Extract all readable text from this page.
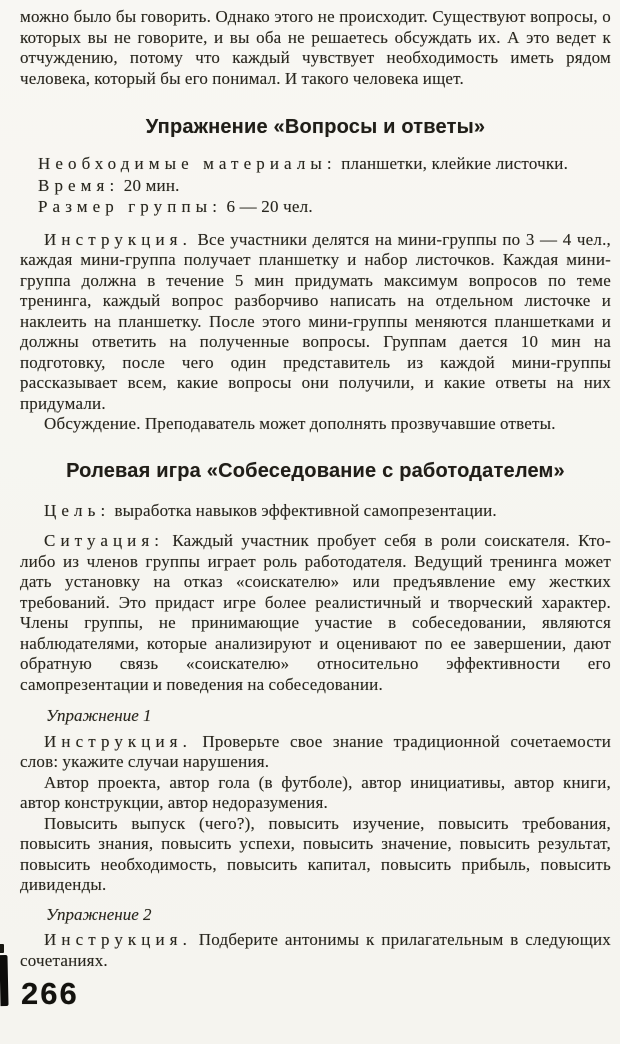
можно было бы говорить. Однако этого не происходит. Существуют вопросы, о которых вы не говорите, и вы оба не решаетесь обсуждать их. А это ведет к отчуждению, потому что каждый чувствует необходимость иметь рядом человека, который бы его понимал. И такого человека ищет.

Упражнение «Вопросы и ответы»

Необходимые материалы: планшетки, клейкие листочки.

Время: 20 мин.

Размер группы: 6 — 20 чел.

Инструкция. Все участники делятся на мини-группы по 3 — 4 чел., каждая мини-группа получает планшетку и набор листочков. Каждая мини-группа должна в течение 5 мин придумать максимум вопросов по теме тренинга, каждый вопрос разборчиво написать на отдельном листочке и наклеить на планшетку. После этого мини-группы меняются планшетками и должны ответить на полученные вопросы. Группам дается 10 мин на подготовку, после чего один представитель из каждой мини-группы рассказывает всем, какие вопросы они получили, и какие ответы на них придумали.

Обсуждение. Преподаватель может дополнять прозвучавшие ответы.

Ролевая игра «Собеседование с работодателем»

Цель: выработка навыков эффективной самопрезентации.

Ситуация: Каждый участник пробует себя в роли соискателя. Кто-либо из членов группы играет роль работодателя. Ведущий тренинга может дать установку на отказ «соискателю» или предъявление ему жестких требований. Это придаст игре более реалистичный и творческий характер. Члены группы, не принимающие участие в собеседовании, являются наблюдателями, которые анализируют и оценивают по ее завершении, дают обратную связь «соискателю» относительно эффективности его самопрезентации и поведения на собеседовании.

Упражнение 1

Инструкция. Проверьте свое знание традиционной сочетаемости слов: укажите случаи нарушения.

Автор проекта, автор гола (в футболе), автор инициативы, автор книги, автор конструкции, автор недоразумения.

Повысить выпуск (чего?), повысить изучение, повысить требования, повысить знания, повысить успехи, повысить значение, повысить результат, повысить необходимость, повысить капитал, повысить прибыль, повысить дивиденды.

Упражнение 2

Инструкция. Подберите антонимы к прилагательным в следующих сочетаниях.

266
